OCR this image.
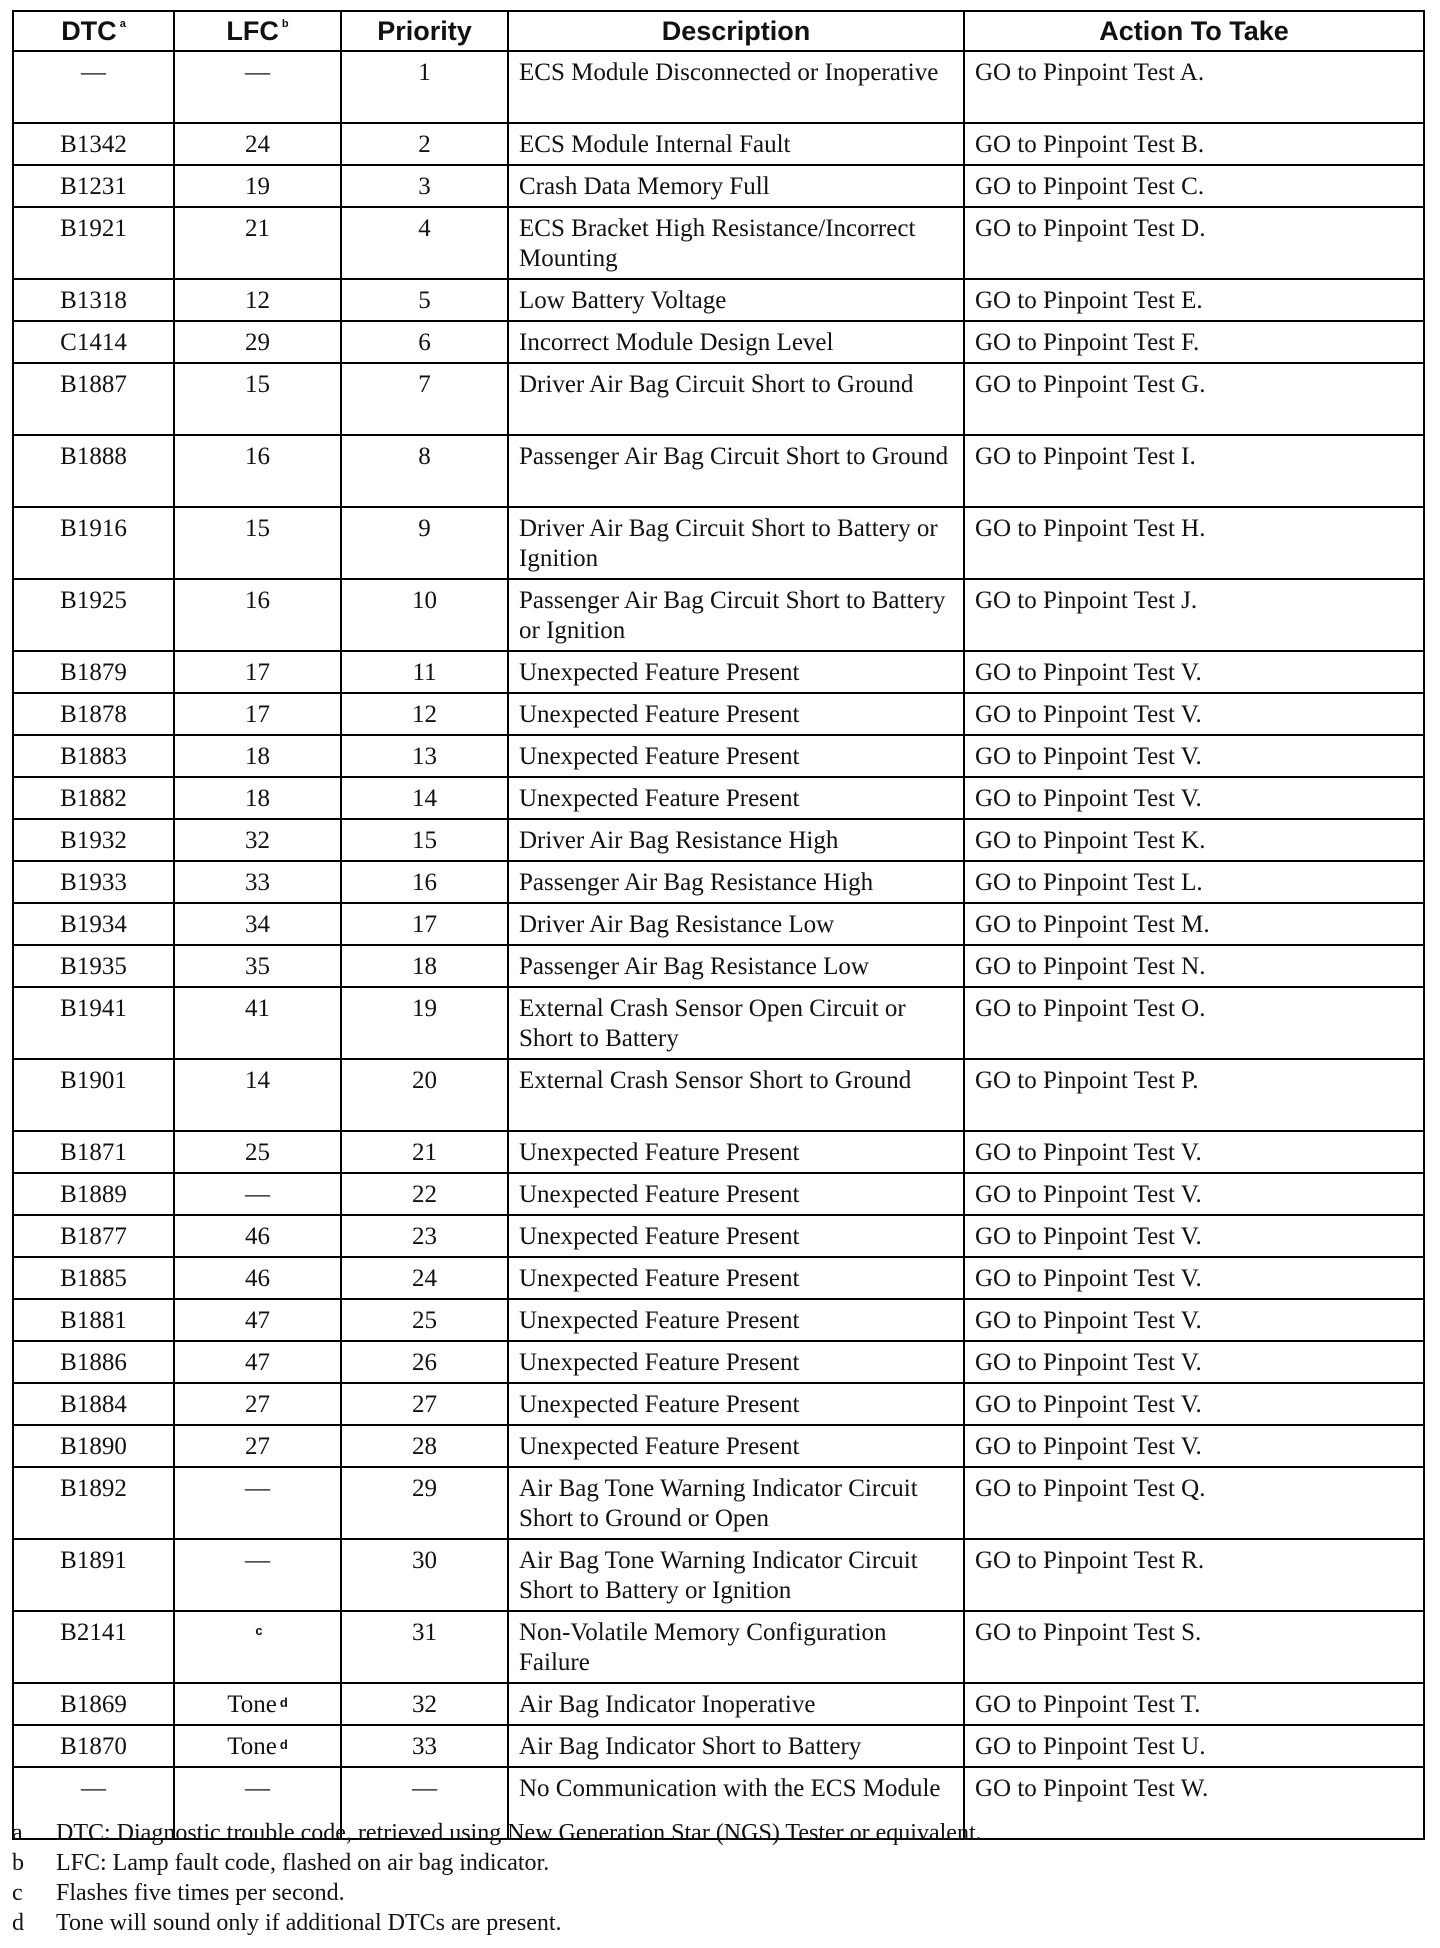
DTC $^a$	LFC $^b$	Priority	Description	Action To Take
—	—	1	ECS Module Disconnected or Inoperative	GO to Pinpoint Test A.
B1342	24	2	ECS Module Internal Fault	GO to Pinpoint Test B.
B1231	19	3	Crash Data Memory Full	GO to Pinpoint Test C.
B1921	21	4	ECS Bracket High Resistance/Incorrect Mounting	GO to Pinpoint Test D.
B1318	12	5	Low Battery Voltage	GO to Pinpoint Test E.
C1414	29	6	Incorrect Module Design Level	GO to Pinpoint Test F.
B1887	15	7	Driver Air Bag Circuit Short to Ground	GO to Pinpoint Test G.
B1888	16	8	Passenger Air Bag Circuit Short to Ground	GO to Pinpoint Test I.
B1916	15	9	Driver Air Bag Circuit Short to Battery or Ignition	GO to Pinpoint Test H.
B1925	16	10	Passenger Air Bag Circuit Short to Battery or Ignition	GO to Pinpoint Test J.
B1879	17	11	Unexpected Feature Present	GO to Pinpoint Test V.
B1878	17	12	Unexpected Feature Present	GO to Pinpoint Test V.
B1883	18	13	Unexpected Feature Present	GO to Pinpoint Test V.
B1882	18	14	Unexpected Feature Present	GO to Pinpoint Test V.
B1932	32	15	Driver Air Bag Resistance High	GO to Pinpoint Test K.
B1933	33	16	Passenger Air Bag Resistance High	GO to Pinpoint Test L.
B1934	34	17	Driver Air Bag Resistance Low	GO to Pinpoint Test M.
B1935	35	18	Passenger Air Bag Resistance Low	GO to Pinpoint Test N.
B1941	41	19	External Crash Sensor Open Circuit or Short to Battery	GO to Pinpoint Test O.
B1901	14	20	External Crash Sensor Short to Ground	GO to Pinpoint Test P.
B1871	25	21	Unexpected Feature Present	GO to Pinpoint Test V.
B1889	—	22	Unexpected Feature Present	GO to Pinpoint Test V.
B1877	46	23	Unexpected Feature Present	GO to Pinpoint Test V.
B1885	46	24	Unexpected Feature Present	GO to Pinpoint Test V.
B1881	47	25	Unexpected Feature Present	GO to Pinpoint Test V.
B1886	47	26	Unexpected Feature Present	GO to Pinpoint Test V.
B1884	27	27	Unexpected Feature Present	GO to Pinpoint Test V.
B1890	27	28	Unexpected Feature Present	GO to Pinpoint Test V.
B1892	—	29	Air Bag Tone Warning Indicator Circuit Short to Ground or Open	GO to Pinpoint Test Q.
B1891	—	30	Air Bag Tone Warning Indicator Circuit Short to Battery or Ignition	GO to Pinpoint Test R.
B2141	$^c$	31	Non-Volatile Memory Configuration Failure	GO to Pinpoint Test S.
B1869	Tone $^d$	32	Air Bag Indicator Inoperative	GO to Pinpoint Test T.
B1870	Tone $^d$	33	Air Bag Indicator Short to Battery	GO to Pinpoint Test U.
—	—	—	No Communication with the ECS Module	GO to Pinpoint Test W.
a	DTC: Diagnostic trouble code, retrieved using New Generation Star (NGS) Tester or equivalent.
b	LFC: Lamp fault code, flashed on air bag indicator.
c	Flashes five times per second.
d	Tone will sound only if additional DTCs are present.
